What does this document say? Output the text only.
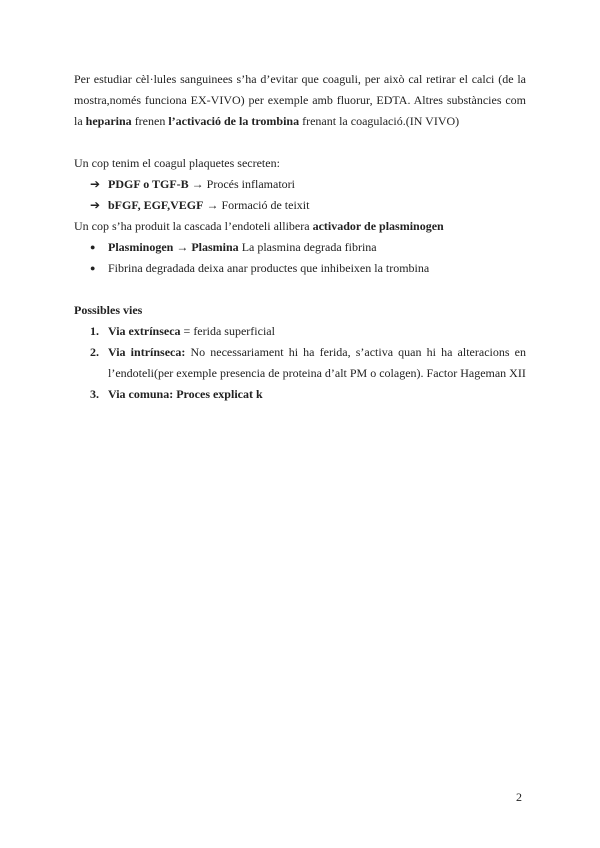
Per estudiar cèl·lules sanguinees s’ha d’evitar que coaguli, per això cal retirar el calci (de la mostra,només funciona EX-VIVO) per exemple amb fluorur, EDTA. Altres substàncies com la heparina frenen l’activació de la trombina frenant la coagulació.(IN VIVO)

Un cop tenim el coagul plaquetes secreten:

➔ PDGF o TGF-B → Procés inflamatori
➔ bFGF, EGF,VEGF → Formació de teixit

Un cop s’ha produit la cascada l’endoteli allibera activador de plasminogen

●	Plasminogen → Plasmina La plasmina degrada fibrina
●	Fibrina degradada deixa anar productes que inhibeixen la trombina

Possibles vies

1. Via extrínseca = ferida superficial
2. Via intrínseca: No necessariament hi ha ferida, s’activa quan hi ha alteracions en l’endoteli(per exemple presencia de proteina d’alt PM o colagen). Factor Hageman XII
3. Via comuna: Proces explicat k
2
